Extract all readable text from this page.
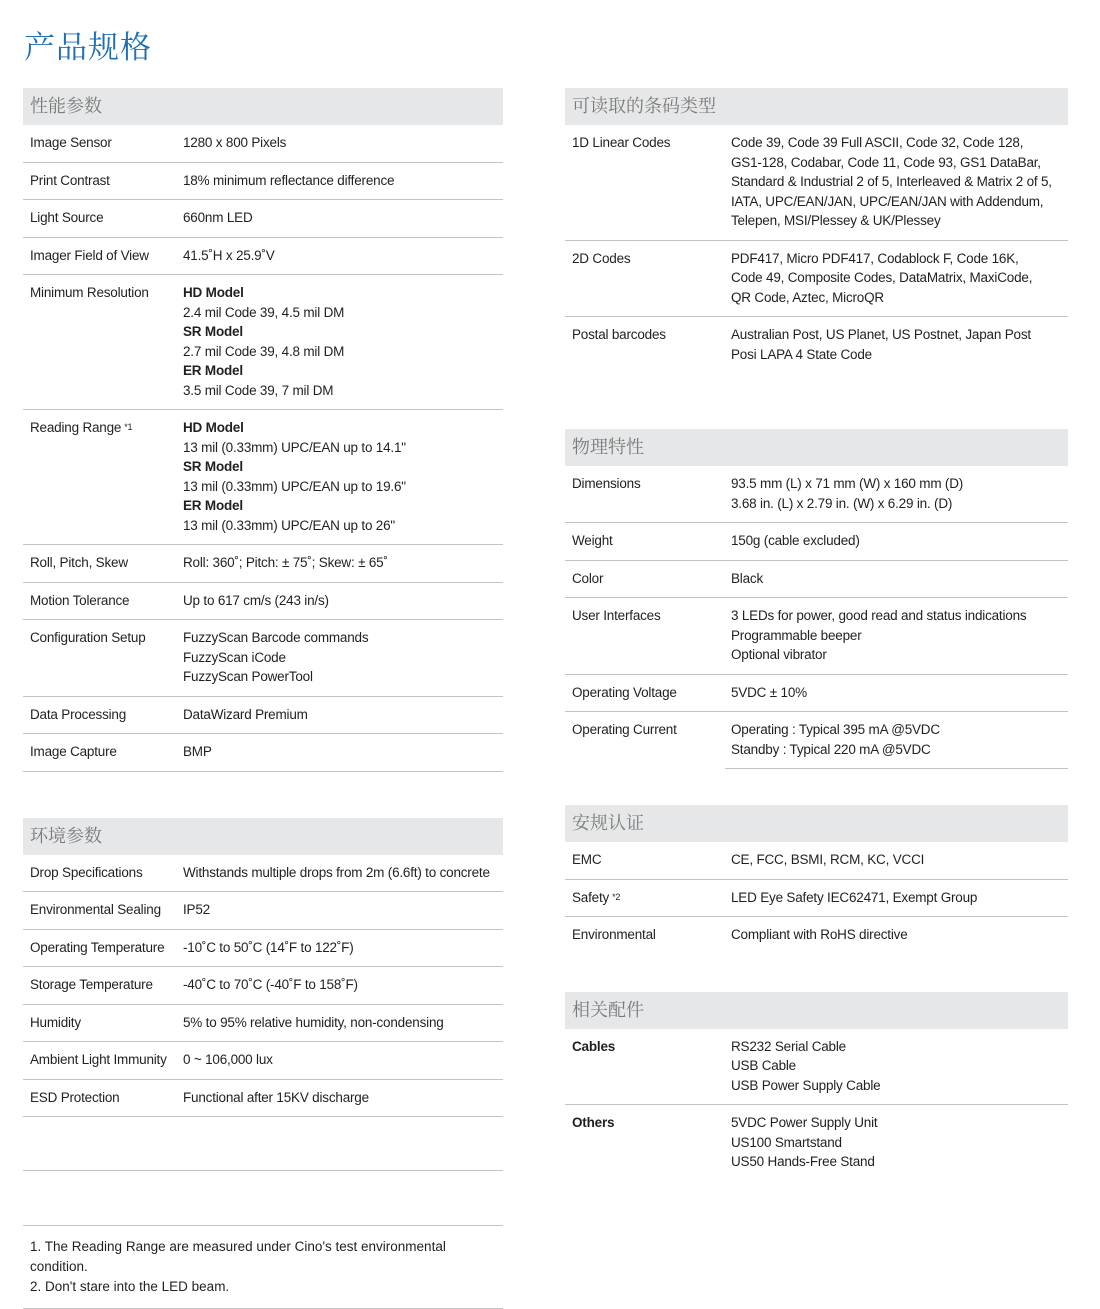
产品规格
性能参数
Image Sensor	1280 x 800 Pixels
Print Contrast	18% minimum reflectance difference
Light Source	660nm LED
Imager Field of View	41.5˚H x 25.9˚V
Minimum Resolution	HD Model
2.4 mil Code 39, 4.5 mil DM
SR Model
2.7 mil Code 39, 4.8 mil DM
ER Model
3.5 mil Code 39, 7 mil DM
Reading Range $^{*1}$	HD Model
13 mil (0.33mm) UPC/EAN up to 14.1"
SR Model
13 mil (0.33mm) UPC/EAN up to 19.6"
ER Model
13 mil (0.33mm) UPC/EAN up to 26"
Roll, Pitch, Skew	Roll: 360˚; Pitch: ± 75˚; Skew: ± 65˚
Motion Tolerance	Up to 617 cm/s (243 in/s)
Configuration Setup	FuzzyScan Barcode commands
FuzzyScan iCode
FuzzyScan PowerTool
Data Processing	DataWizard Premium
Image Capture	BMP
环境参数
Drop Specifications	Withstands multiple drops from 2m (6.6ft) to concrete
Environmental Sealing	IP52
Operating Temperature	-10˚C to 50˚C (14˚F to 122˚F)
Storage Temperature	-40˚C to 70˚C (-40˚F to 158˚F)
Humidity	5% to 95% relative humidity, non-condensing
Ambient Light Immunity	0 ~ 106,000 lux
ESD Protection	Functional after 15KV discharge
1. The Reading Range are measured under Cino's test environmental condition.
2. Don't stare into the LED beam.
可读取的条码类型
1D Linear Codes	Code 39, Code 39 Full ASCII, Code 32, Code 128,
GS1-128, Codabar, Code 11, Code 93, GS1 DataBar,
Standard & Industrial 2 of 5, Interleaved & Matrix 2 of 5,
IATA, UPC/EAN/JAN, UPC/EAN/JAN with Addendum,
Telepen, MSI/Plessey & UK/Plessey
2D Codes	PDF417, Micro PDF417, Codablock F, Code 16K,
Code 49, Composite Codes, DataMatrix, MaxiCode,
QR Code, Aztec, MicroQR
Postal barcodes	Australian Post, US Planet, US Postnet, Japan Post
Posi LAPA 4 State Code
物理特性
Dimensions	93.5 mm (L) x 71 mm (W) x 160 mm (D)
3.68 in. (L) x 2.79 in. (W) x 6.29 in. (D)
Weight	150g (cable excluded)
Color	Black
User Interfaces	3 LEDs for power, good read and status indications
Programmable beeper
Optional vibrator
Operating Voltage	5VDC ± 10%
Operating Current	Operating : Typical 395 mA @5VDC
Standby : Typical 220 mA @5VDC
安规认证
EMC	CE, FCC, BSMI, RCM, KC, VCCI
Safety $^{*2}$	LED Eye Safety IEC62471, Exempt Group
Environmental	Compliant with RoHS directive
相关配件
Cables	RS232 Serial Cable
USB Cable
USB Power Supply Cable
Others	5VDC Power Supply Unit
US100 Smartstand
US50 Hands-Free Stand
